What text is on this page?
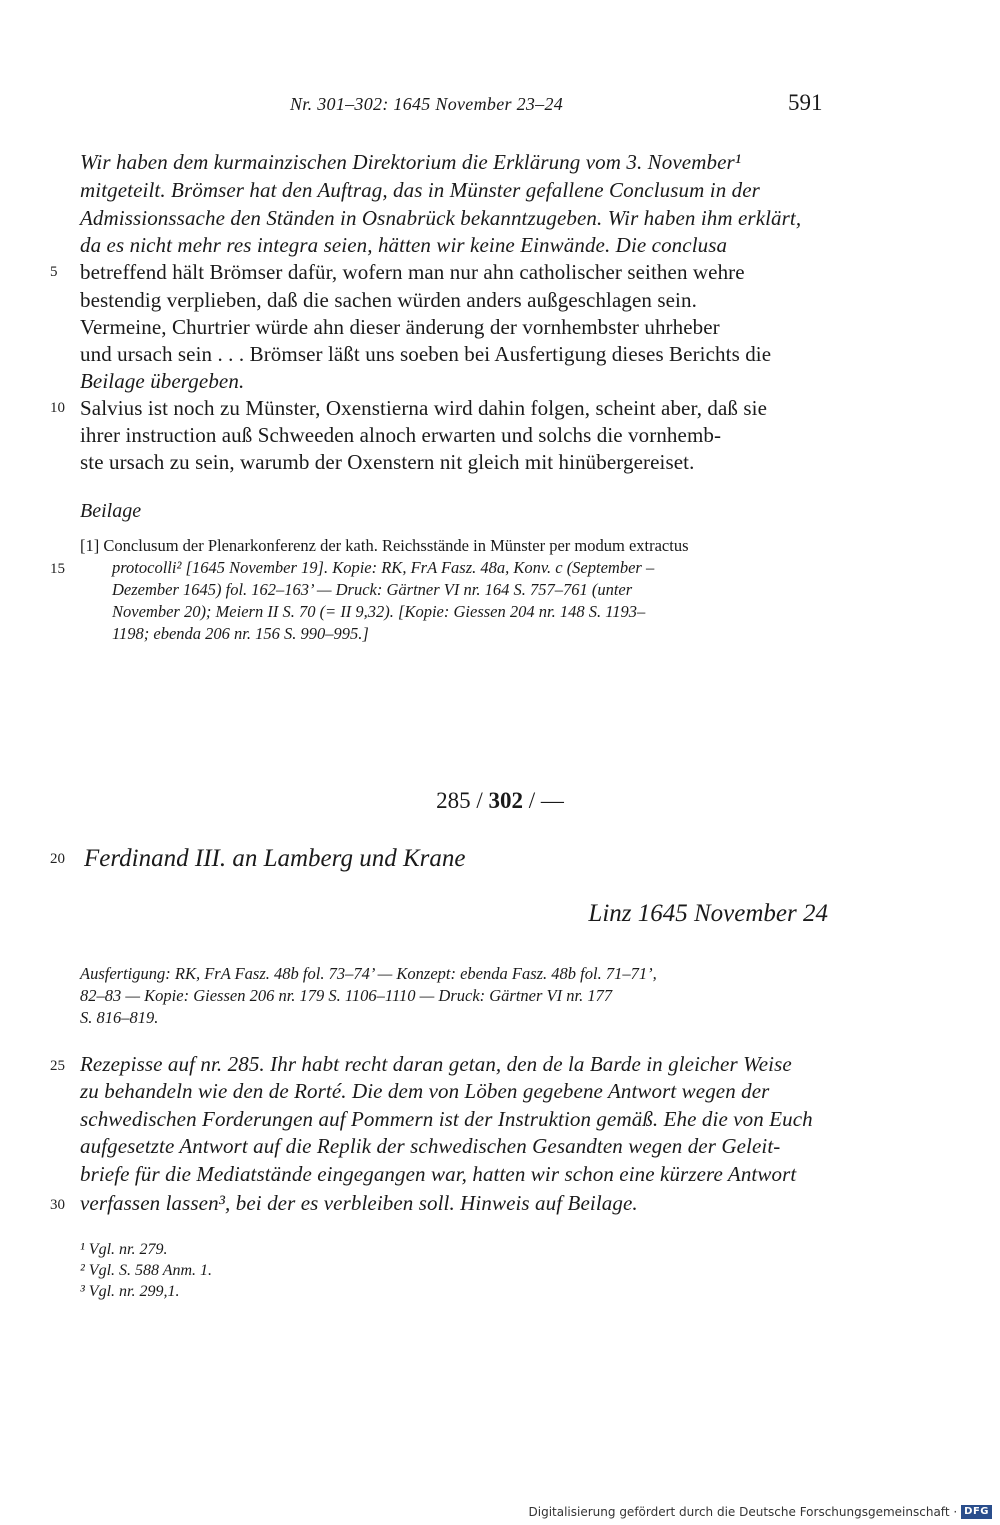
Nr. 301–302: 1645 November 23–24	591
5
10
15
20
25
30
Wir haben dem kurmainzischen Direktorium die Erklärung vom 3. November¹
mitgeteilt. Brömser hat den Auftrag, das in Münster gefallene Conclusum in der
Admissionssache den Ständen in Osnabrück bekanntzugeben. Wir haben ihm erklärt,
da es nicht mehr res integra seien, hätten wir keine Einwände. Die conclusa
betreffend hält Brömser dafür, wofern man nur ahn catholischer seithen wehre
bestendig verplieben, daß die sachen würden anders außgeschlagen sein.
Vermeine, Churtrier würde ahn dieser änderung der vornhembster uhrheber
und ursach sein . . . Brömser läßt uns soeben bei Ausfertigung dieses Berichts die
Beilage übergeben.
Salvius ist noch zu Münster, Oxenstierna wird dahin folgen, scheint aber, daß sie
ihrer instruction auß Schweeden alnoch erwarten und solchs die vornhemb-
ste ursach zu sein, warumb der Oxenstern nit gleich mit hinübergereiset.
Beilage
[1] Conclusum der Plenarkonferenz der kath. Reichsstände in Münster per modum extractus
protocolli² [1645 November 19]. Kopie: RK, FrA Fasz. 48a, Konv. c (September –
Dezember 1645) fol. 162–163’ — Druck: Gärtner VI nr. 164 S. 757–761 (unter
November 20); Meiern II S. 70 (= II 9,32). [Kopie: Giessen 204 nr. 148 S. 1193–
1198; ebenda 206 nr. 156 S. 990–995.]
285 / 302 / —
Ferdinand III. an Lamberg und Krane
Linz 1645 November 24
Ausfertigung: RK, FrA Fasz. 48b fol. 73–74’ — Konzept: ebenda Fasz. 48b fol. 71–71’,
82–83 — Kopie: Giessen 206 nr. 179 S. 1106–1110 — Druck: Gärtner VI nr. 177
S. 816–819.
Rezepisse auf nr. 285. Ihr habt recht daran getan, den de la Barde in gleicher Weise
zu behandeln wie den de Rorté. Die dem von Löben gegebene Antwort wegen der
schwedischen Forderungen auf Pommern ist der Instruktion gemäß. Ehe die von Euch
aufgesetzte Antwort auf die Replik der schwedischen Gesandten wegen der Geleit-
briefe für die Mediatstände eingegangen war, hatten wir schon eine kürzere Antwort
verfassen lassen³, bei der es verbleiben soll. Hinweis auf Beilage.
¹ Vgl. nr. 279.
² Vgl. S. 588 Anm. 1.
³ Vgl. nr. 299,1.
Digitalisierung gefördert durch die Deutsche Forschungsgemeinschaft · DFG
